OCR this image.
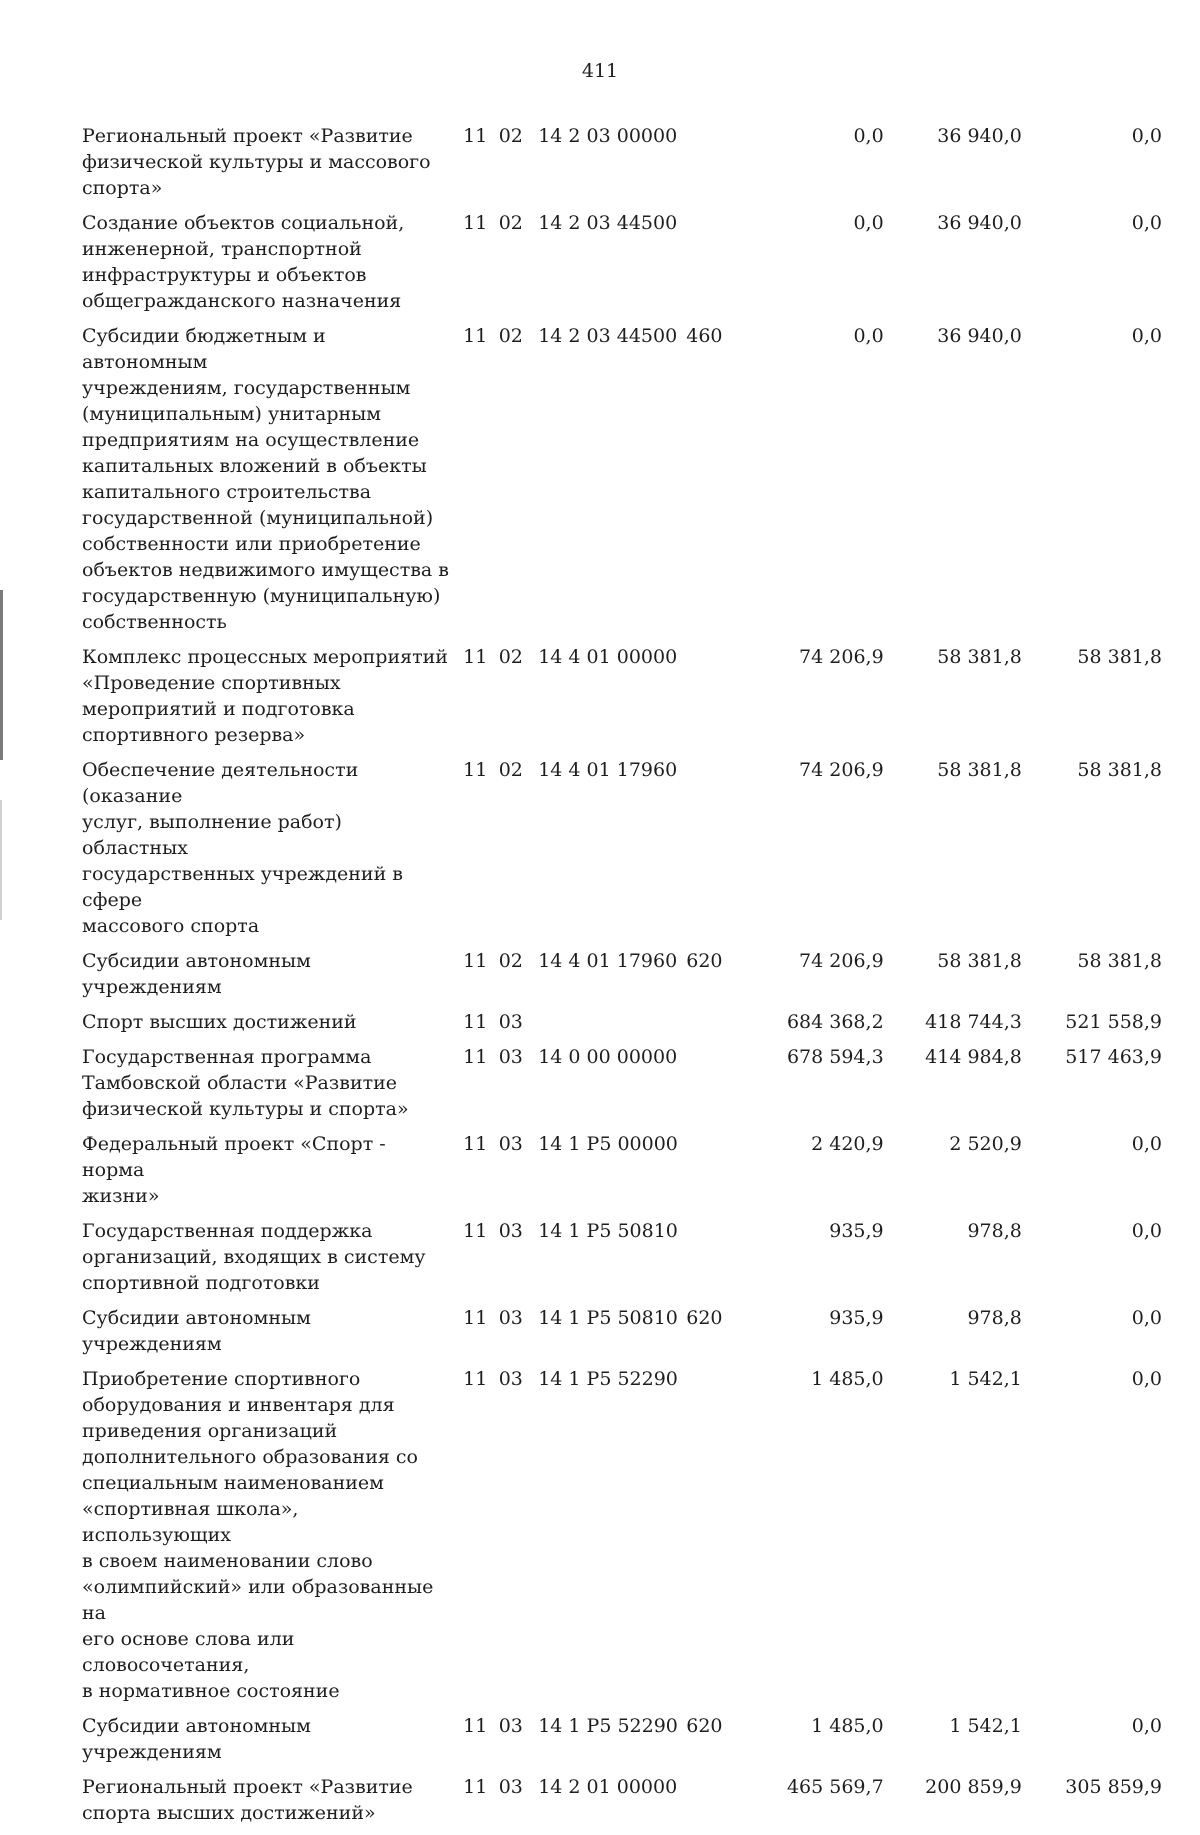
411
Региональный проект «Развитие
физической культуры и массового
спорта»
11 02 14 2 03 00000	0,0	36 940,0	0,0
Создание объектов социальной,
инженерной, транспортной
инфраструктуры и объектов
общегражданского назначения
11 02 14 2 03 44500	0,0	36 940,0	0,0
Субсидии бюджетным и автономным
учреждениям, государственным
(муниципальным) унитарным
предприятиям на осуществление
капитальных вложений в объекты
капитального строительства
государственной (муниципальной)
собственности или приобретение
объектов недвижимого имущества в
государственную (муниципальную)
собственность
11 02 14 2 03 44500 460	0,0	36 940,0	0,0
Комплекс процессных мероприятий
«Проведение спортивных
мероприятий и подготовка
спортивного резерва»
11 02 14 4 01 00000	74 206,9	58 381,8	58 381,8
Обеспечение деятельности (оказание
услуг, выполнение работ) областных
государственных учреждений в сфере
массового спорта
11 02 14 4 01 17960	74 206,9	58 381,8	58 381,8
Субсидии автономным учреждениям
11 02 14 4 01 17960 620	74 206,9	58 381,8	58 381,8
Спорт высших достижений	11 03	684 368,2	418 744,3	521 558,9
Государственная программа
Тамбовской области «Развитие
физической культуры и спорта»
11 03 14 0 00 00000	678 594,3	414 984,8	517 463,9
Федеральный проект «Спорт - норма
жизни»
11 03 14 1 P5 00000	2 420,9	2 520,9	0,0
Государственная поддержка
организаций, входящих в систему
спортивной подготовки
11 03 14 1 P5 50810	935,9	978,8	0,0
Субсидии автономным учреждениям
11 03 14 1 P5 50810 620	935,9	978,8	0,0
Приобретение спортивного
оборудования и инвентаря для
приведения организаций
дополнительного образования со
специальным наименованием
«спортивная школа», использующих
в своем наименовании слово
«олимпийский» или образованные на
его основе слова или словосочетания,
в нормативное состояние
11 03 14 1 P5 52290	1 485,0	1 542,1	0,0
Субсидии автономным учреждениям
11 03 14 1 P5 52290 620	1 485,0	1 542,1	0,0
Региональный проект «Развитие
спорта высших достижений»
11 03 14 2 01 00000	465 569,7	200 859,9	305 859,9
